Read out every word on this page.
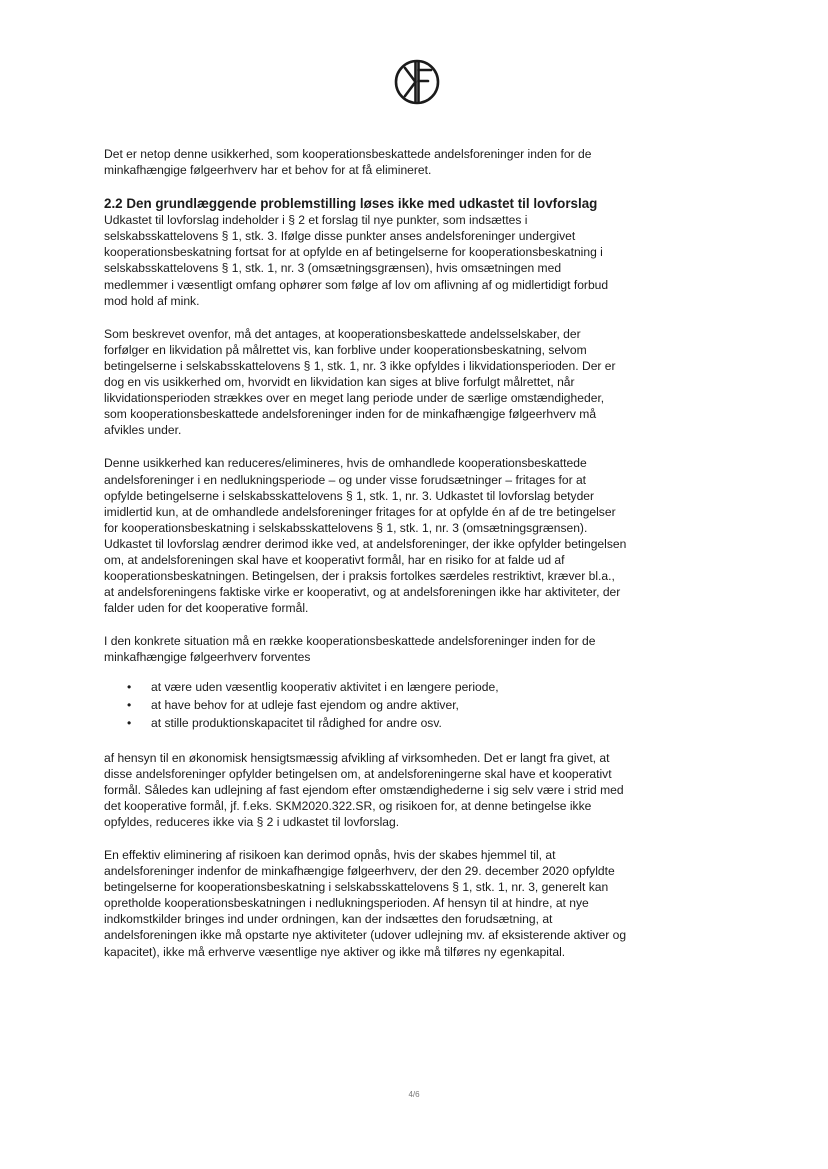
Det er netop denne usikkerhed, som kooperationsbeskattede andelsforeninger inden for de minkafhængige følgeerhverv har et behov for at få elimineret.

2.2 Den grundlæggende problemstilling løses ikke med udkastet til lovforslag

Udkastet til lovforslag indeholder i § 2 et forslag til nye punkter, som indsættes i selskabsskattelovens § 1, stk. 3. Ifølge disse punkter anses andelsforeninger undergivet kooperationsbeskatning fortsat for at opfylde en af betingelserne for kooperationsbeskatning i selskabsskattelovens § 1, stk. 1, nr. 3 (omsætningsgrænsen), hvis omsætningen med medlemmer i væsentligt omfang ophører som følge af lov om aflivning af og midlertidigt forbud mod hold af mink.

Som beskrevet ovenfor, må det antages, at kooperationsbeskattede andelsselskaber, der forfølger en likvidation på målrettet vis, kan forblive under kooperationsbeskatning, selvom betingelserne i selskabsskattelovens § 1, stk. 1, nr. 3 ikke opfyldes i likvidationsperioden. Der er dog en vis usikkerhed om, hvorvidt en likvidation kan siges at blive forfulgt målrettet, når likvidationsperioden strækkes over en meget lang periode under de særlige omstændigheder, som kooperationsbeskattede andelsforeninger inden for de minkafhængige følgeerhverv må afvikles under.

Denne usikkerhed kan reduceres/elimineres, hvis de omhandlede kooperationsbeskattede andelsforeninger i en nedlukningsperiode – og under visse forudsætninger – fritages for at opfylde betingelserne i selskabsskattelovens § 1, stk. 1, nr. 3. Udkastet til lovforslag betyder imidlertid kun, at de omhandlede andelsforeninger fritages for at opfylde én af de tre betingelser for kooperationsbeskatning i selskabsskattelovens § 1, stk. 1, nr. 3 (omsætningsgrænsen). Udkastet til lovforslag ændrer derimod ikke ved, at andelsforeninger, der ikke opfylder betingelsen om, at andelsforeningen skal have et kooperativt formål, har en risiko for at falde ud af kooperationsbeskatningen. Betingelsen, der i praksis fortolkes særdeles restriktivt, kræver bl.a., at andelsforeningens faktiske virke er kooperativt, og at andelsforeningen ikke har aktiviteter, der falder uden for det kooperative formål.

I den konkrete situation må en række kooperationsbeskattede andelsforeninger inden for de minkafhængige følgeerhverv forventes

• at være uden væsentlig kooperativ aktivitet i en længere periode,
• at have behov for at udleje fast ejendom og andre aktiver,
• at stille produktionskapacitet til rådighed for andre osv.

af hensyn til en økonomisk hensigtsmæssig afvikling af virksomheden. Det er langt fra givet, at disse andelsforeninger opfylder betingelsen om, at andelsforeningerne skal have et kooperativt formål. Således kan udlejning af fast ejendom efter omstændighederne i sig selv være i strid med det kooperative formål, jf. f.eks. SKM2020.322.SR, og risikoen for, at denne betingelse ikke opfyldes, reduceres ikke via § 2 i udkastet til lovforslag.

En effektiv eliminering af risikoen kan derimod opnås, hvis der skabes hjemmel til, at andelsforeninger indenfor de minkafhængige følgeerhverv, der den 29. december 2020 opfyldte betingelserne for kooperationsbeskatning i selskabsskattelovens § 1, stk. 1, nr. 3, generelt kan opretholde kooperationsbeskatningen i nedlukningsperioden. Af hensyn til at hindre, at nye indkomstkilder bringes ind under ordningen, kan der indsættes den forudsætning, at andelsforeningen ikke må opstarte nye aktiviteter (udover udlejning mv. af eksisterende aktiver og kapacitet), ikke må erhverve væsentlige nye aktiver og ikke må tilføres ny egenkapital.

4/6
